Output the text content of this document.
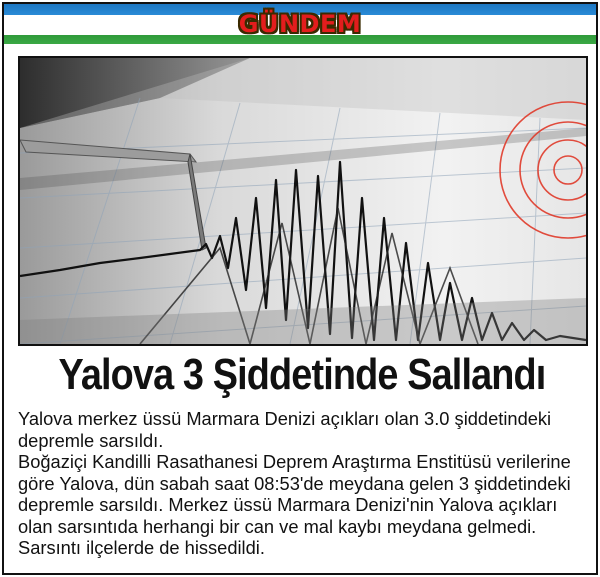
GÜNDEM
Yalova 3 Şiddetinde Sallandı

Yalova merkez üssü Marmara Denizi açıkları olan 3.0 şiddetindeki depremle sarsıldı.

Boğaziçi Kandilli Rasathanesi Deprem Araştırma Enstitüsü verilerine göre Yalova, dün sabah saat 08:53'de meydana gelen 3 şiddetindeki depremle sarsıldı. Merkez üssü Marmara Denizi'nin Yalova açıkları olan sarsıntıda herhangi bir can ve mal kaybı meydana gelmedi. Sarsıntı ilçelerde de hissedildi.
